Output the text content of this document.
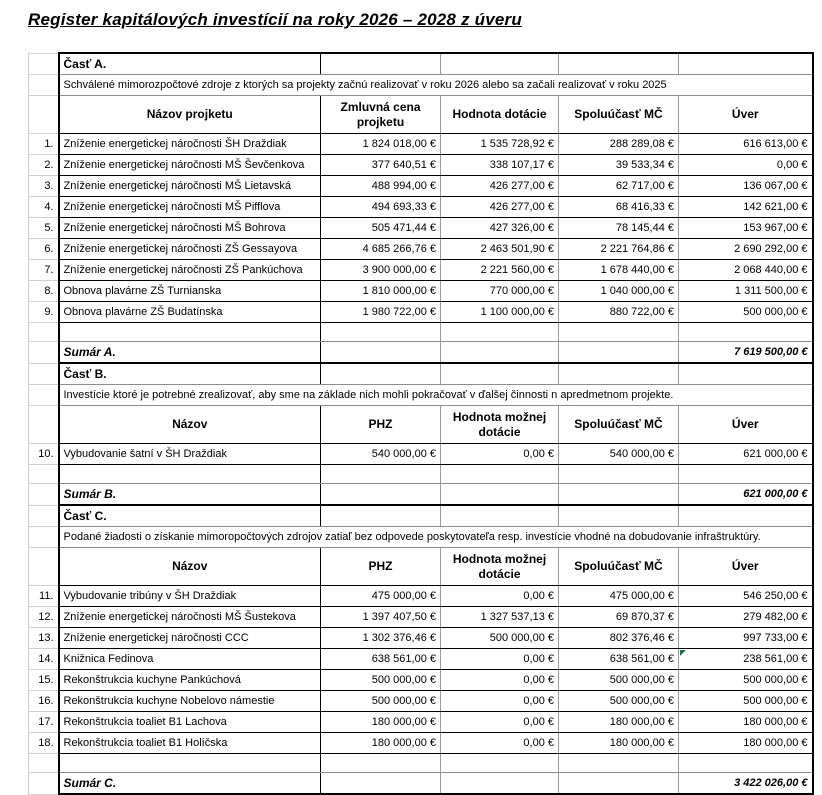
Register kapitálových investícií na roky 2026 – 2028 z úveru
	Časť A.				
	Schválené mimorozpočtové zdroje z ktorých sa projekty začnú realizovať v roku 2026 alebo sa začali realizovať v roku 2025				
	Názov projketu	Zmluvná cena projketu	Hodnota dotácie	Spoluúčasť MČ	Úver
1.	Zníženie energetickej náročnosti ŠH Draždiak	1 824 018,00 €	1 535 728,92 €	288 289,08 €	616 613,00 €
2.	Zníženie energetickej náročnosti MŠ Ševčenkova	377 640,51 €	338 107,17 €	39 533,34 €	0,00 €
3.	Zníženie energetickej náročnosti MŠ Lietavská	488 994,00 €	426 277,00 €	62 717,00 €	136 067,00 €
4.	Zníženie energetickej náročnosti MŠ Pifflova	494 693,33 €	426 277,00 €	68 416,33 €	142 621,00 €
5.	Zníženie energetickej náročnosti MŠ Bohrova	505 471,44 €	427 326,00 €	78 145,44 €	153 967,00 €
6.	Zníženie energetickej náročnosti ZŠ Gessayova	4 685 266,76 €	2 463 501,90 €	2 221 764,86 €	2 690 292,00 €
7.	Zníženie energetickej náročnosti ZŠ Pankúchova	3 900 000,00 €	2 221 560,00 €	1 678 440,00 €	2 068 440,00 €
8.	Obnova plavárne ZŠ Turnianska	1 810 000,00 €	770 000,00 €	1 040 000,00 €	1 311 500,00 €
9.	Obnova plavárne ZŠ Budatínska	1 980 722,00 €	1 100 000,00 €	880 722,00 €	500 000,00 €

	Sumár A.				7 619 500,00 €
	Časť B.				
	Investície ktoré je potrebné zrealizovať, aby sme na základe nich mohli pokračovať v ďalšej činnosti n apredmetnom projekte.				
	Názov	PHZ	Hodnota možnej dotácie	Spoluúčasť MČ	Úver
10.	Vybudovanie šatní v ŠH Draždiak	540 000,00 €	0,00 €	540 000,00 €	621 000,00 €

	Sumár B.				621 000,00 €
	Časť C.				
	Podané žiadosti o získanie mimoropočtových zdrojov zatiaľ bez odpovede poskytovateľa resp. investície vhodné na dobudovanie infraštruktúry.				
	Názov	PHZ	Hodnota možnej dotácie	Spoluúčasť MČ	Úver
11.	Vybudovanie tribúny v ŠH Draždiak	475 000,00 €	0,00 €	475 000,00 €	546 250,00 €
12.	Zníženie energetickej náročnosti MŠ Šustekova	1 397 407,50 €	1 327 537,13 €	69 870,37 €	279 482,00 €
13.	Zníženie energetickej náročnosti CCC	1 302 376,46 €	500 000,00 €	802 376,46 €	997 733,00 €
14.	Knižnica Fedinova	638 561,00 €	0,00 €	638 561,00 €	238 561,00 €

15.	Rekonštrukcia kuchyne Pankúchová	500 000,00 €	0,00 €	500 000,00 €	500 000,00 €
16.	Rekonštrukcia kuchyne Nobelovo námestie	500 000,00 €	0,00 €	500 000,00 €	500 000,00 €
17.	Rekonštrukcia toaliet B1 Lachova	180 000,00 €	0,00 €	180 000,00 €	180 000,00 €
18.	Rekonštrukcia toaliet B1 Holíčska	180 000,00 €	0,00 €	180 000,00 €	180 000,00 €

	Sumár C.				3 422 026,00 €
